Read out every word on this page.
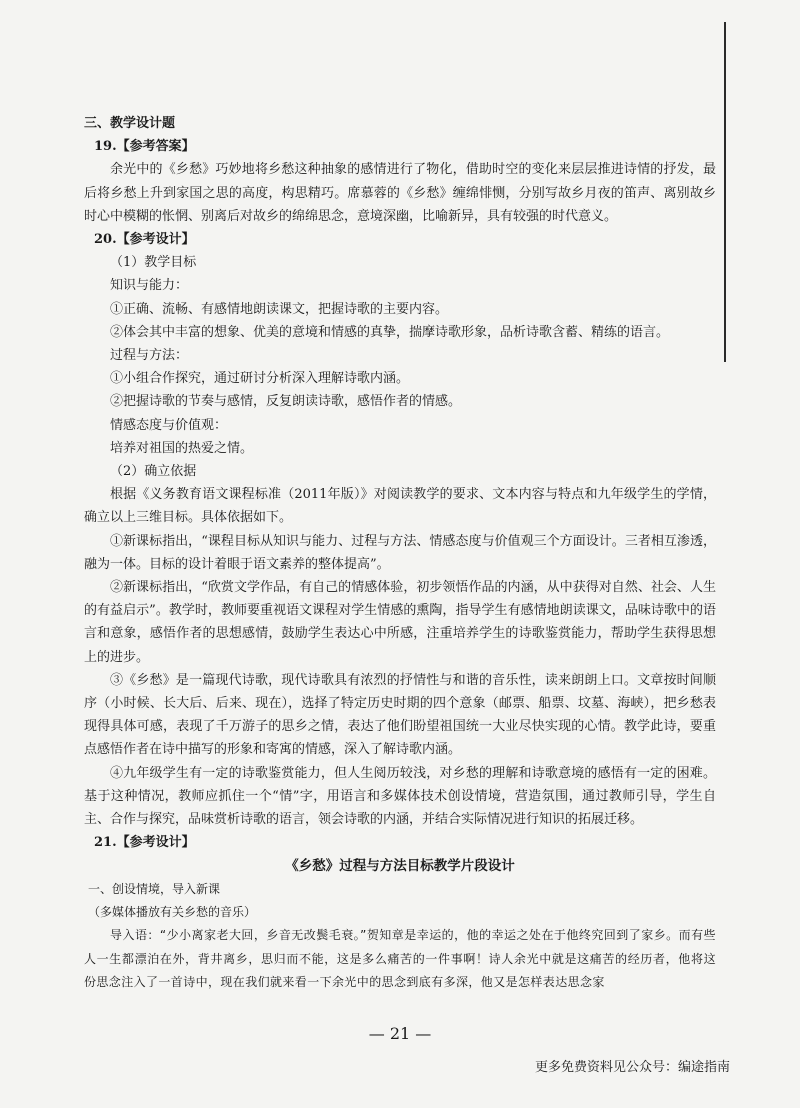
三、教学设计题

19.【参考答案】

余光中的《乡愁》巧妙地将乡愁这种抽象的感情进行了物化，借助时空的变化来层层推进诗情的抒发，最后将乡愁上升到家国之思的高度，构思精巧。席慕蓉的《乡愁》缠绵悱恻，分别写故乡月夜的笛声、离别故乡时心中模糊的怅惘、别离后对故乡的绵绵思念，意境深幽，比喻新异，具有较强的时代意义。

20.【参考设计】

（1）教学目标

知识与能力：

①正确、流畅、有感情地朗读课文，把握诗歌的主要内容。

②体会其中丰富的想象、优美的意境和情感的真挚，揣摩诗歌形象，品析诗歌含蓄、精练的语言。

过程与方法：

①小组合作探究，通过研讨分析深入理解诗歌内涵。

②把握诗歌的节奏与感情，反复朗读诗歌，感悟作者的情感。

情感态度与价值观：

培养对祖国的热爱之情。

（2）确立依据

根据《义务教育语文课程标准（2011年版）》对阅读教学的要求、文本内容与特点和九年级学生的学情，确立以上三维目标。具体依据如下。

①新课标指出，“课程目标从知识与能力、过程与方法、情感态度与价值观三个方面设计。三者相互渗透，融为一体。目标的设计着眼于语文素养的整体提高”。

②新课标指出，“欣赏文学作品，有自己的情感体验，初步领悟作品的内涵，从中获得对自然、社会、人生的有益启示”。教学时，教师要重视语文课程对学生情感的熏陶，指导学生有感情地朗读课文，品味诗歌中的语言和意象，感悟作者的思想感情，鼓励学生表达心中所感，注重培养学生的诗歌鉴赏能力，帮助学生获得思想上的进步。

③《乡愁》是一篇现代诗歌，现代诗歌具有浓烈的抒情性与和谐的音乐性，读来朗朗上口。文章按时间顺序（小时候、长大后、后来、现在），选择了特定历史时期的四个意象（邮票、船票、坟墓、海峡），把乡愁表现得具体可感，表现了千万游子的思乡之情，表达了他们盼望祖国统一大业尽快实现的心情。教学此诗，要重点感悟作者在诗中描写的形象和寄寓的情感，深入了解诗歌内涵。

④九年级学生有一定的诗歌鉴赏能力，但人生阅历较浅，对乡愁的理解和诗歌意境的感悟有一定的困难。基于这种情况，教师应抓住一个“情”字，用语言和多媒体技术创设情境，营造氛围，通过教师引导，学生自主、合作与探究，品味赏析诗歌的语言，领会诗歌的内涵，并结合实际情况进行知识的拓展迁移。

21.【参考设计】

《乡愁》过程与方法目标教学片段设计

一、创设情境，导入新课

（多媒体播放有关乡愁的音乐）

导入语：“少小离家老大回，乡音无改鬓毛衰。”贺知章是幸运的，他的幸运之处在于他终究回到了家乡。而有些人一生都漂泊在外，背井离乡，思归而不能，这是多么痛苦的一件事啊！诗人余光中就是这痛苦的经历者，他将这份思念注入了一首诗中，现在我们就来看一下余光中的思念到底有多深，他又是怎样表达思念家

— 21 —
更多免费资料见公众号：编途指南
